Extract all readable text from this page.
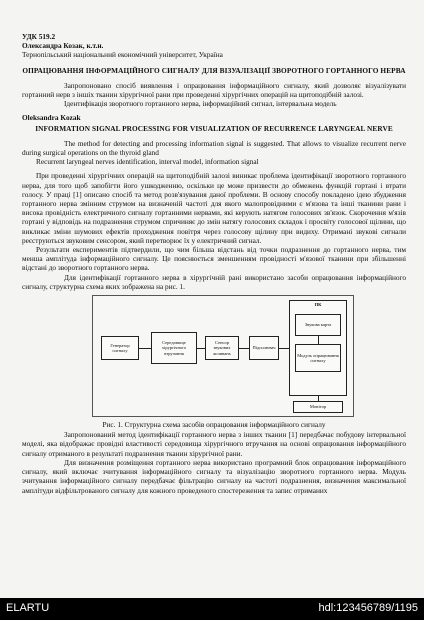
УДК 519.2

Олександра Козак, к.т.н.

Тернопільський національний економічний університет, Україна

ОПРАЦЮВАННЯ ІНФОРМАЦІЙНОГО СИГНАЛУ ДЛЯ ВІЗУАЛІЗАЦІЇ ЗВОРОТНОГО ГОРТАННОГО НЕРВА

Запропоновано спосіб виявлення і опрацювання інформаційного сигналу, який дозволяє візуалізувати гортанний нерв з іншіх тканин хірургічної рани при проведенні хірургічних операцій на щитоподібній залозі.

Ідентифікація зворотного гортанного нерва, інформаційний сигнал, інтервальна модель

Oleksandra Kozak

INFORMATION SIGNAL PROCESSING FOR VISUALIZATION OF RECURRENCE LARYNGEAL NERVE

The method for detecting and processing information signal is suggested. That allows to visualize recurrent nerve during surgical operations on the thyroid gland

Recurrent laryngeal nerves identification, interval model, information signal

При проведенні хірургічних операцій на щитоподібній залозі виникає проблема ідентифікації зворотного гортанного нерва, для того щоб запобігти його ушкодженню, оскільки це може призвести до обмежень функцій гортані і втрати голосу. У праці [1] описано спосіб та метод розв'язування даної проблеми. В основу способу покладено ідею збудження гортанного нерва змінним струмом на визначеній частоті для якого малопровідними є м'язова та інші тканини рани і висока провідність електричного сигналу гортанними нервами, які керують натягом голосових зв'язок. Скорочення м'язів гортані у відповідь на подразнення струмом спричиняє до змін натягу голосових складок і просвіту голосової щілини, що викликає зміни шумових ефектів проходження повітря через голосову щілину при видиху. Отримані звукові сигнали реєструються звуковим сенсором, який перетворює їх у електричний сигнал.

Результати експериментів підтвердили, що чим більша відстань від точки подразнення до гортанного нерва, тим менша амплітуда інформаційного сигналу. Це пояснюється зменшенням провідності м'язової тканини при збільшенні відстані до зворотного гортанного нерва.

Для ідентифікації гортанного нерва в хірургічній рані використано засоби опрацювання інформаційного сигналу, структурна схема яких зображена на рис. 1.

Генератор сигналу
Середовище хірургічного втручання
Сенсор звукових коливань
Підсилювач
ПК
Звукова карта
Модуль опрацювання сигналу
Монітор
Рис. 1. Структурна схема засобів опрацювання інформаційного сигналу

Запропонований метод ідентифікації гортанного нерва з інших тканин [1] передбачає побудову інтервальної моделі, яка відображає провідні властивості середовища хірургічного втручання на основі опрацювання інформаційного сигналу отриманого в результаті подразнення тканин хірургічної рани.

Для визначення розміщення гортанного нерва використано програмний блок опрацювання інформаційного сигналу, який включає зчитування інформаційного сигналу та візуалізацію зворотного гортанного нерва. Модуль зчитування інформаційного сигналу передбачає фільтрацію сигналу на частоті подразнення, визначення максимальної амплітуди відфільтрованого сигналу для кожного проведеного спостереження та запис отриманих

ELARTU	hdl:123456789/1195
